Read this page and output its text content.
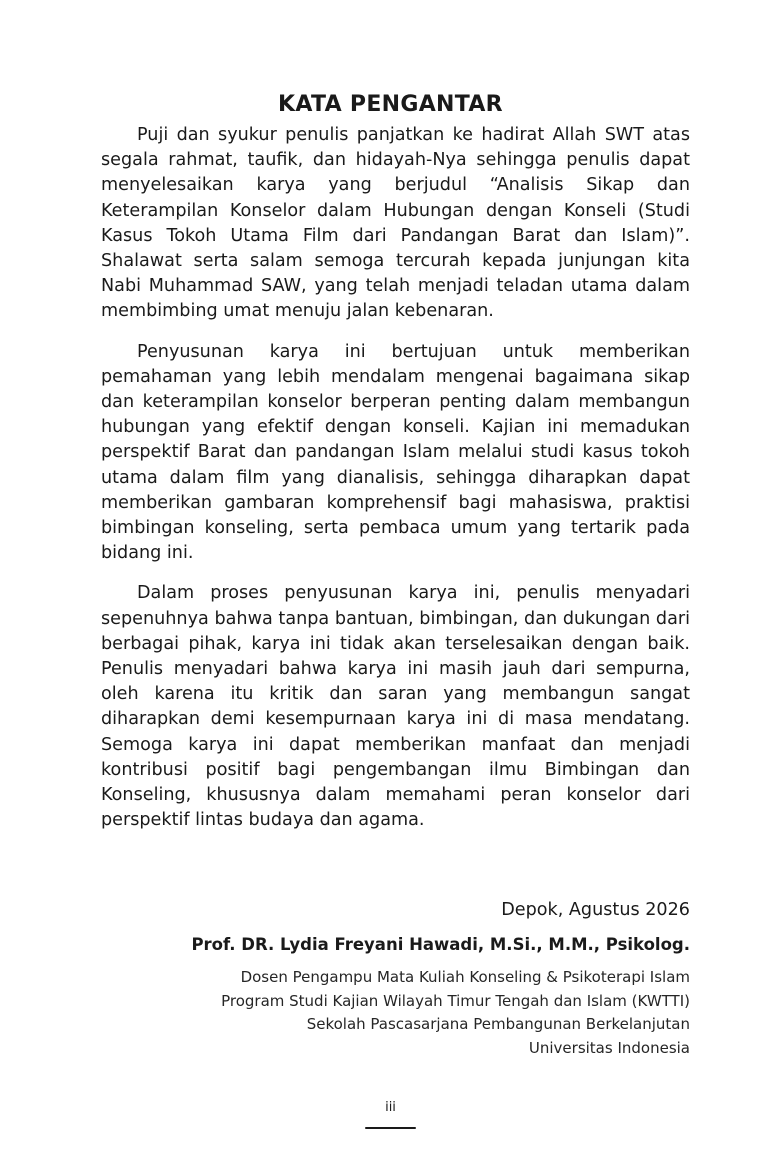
KATA PENGANTAR

Puji dan syukur penulis panjatkan ke hadirat Allah SWT atas segala rahmat, taufik, dan hidayah-Nya sehingga penulis dapat menyelesaikan karya yang berjudul “Analisis Sikap dan Keterampilan Konselor dalam Hubungan dengan Konseli (Studi Kasus Tokoh Utama Film dari Pandangan Barat dan Islam)”. Shalawat serta salam semoga tercurah kepada junjungan kita Nabi Muhammad SAW, yang telah menjadi teladan utama dalam membimbing umat menuju jalan kebenaran.

Penyusunan karya ini bertujuan untuk memberikan pemahaman yang lebih mendalam mengenai bagaimana sikap dan keterampilan konselor berperan penting dalam membangun hubungan yang efektif dengan konseli. Kajian ini memadukan perspektif Barat dan pandangan Islam melalui studi kasus tokoh utama dalam film yang dianalisis, sehingga diharapkan dapat memberikan gambaran komprehensif bagi mahasiswa, praktisi bimbingan konseling, serta pembaca umum yang tertarik pada bidang ini.

Dalam proses penyusunan karya ini, penulis menyadari sepenuhnya bahwa tanpa bantuan, bimbingan, dan dukungan dari berbagai pihak, karya ini tidak akan terselesaikan dengan baik. Penulis menyadari bahwa karya ini masih jauh dari sempurna, oleh karena itu kritik dan saran yang membangun sangat diharapkan demi kesempurnaan karya ini di masa mendatang. Semoga karya ini dapat memberikan manfaat dan menjadi kontribusi positif bagi pengembangan ilmu Bimbingan dan Konseling, khususnya dalam memahami peran konselor dari perspektif lintas budaya dan agama.

Depok, Agustus 2026
Prof. DR. Lydia Freyani Hawadi, M.Si., M.M., Psikolog.
Dosen Pengampu Mata Kuliah Konseling & Psikoterapi Islam
Program Studi Kajian Wilayah Timur Tengah dan Islam (KWTTI)
Sekolah Pascasarjana Pembangunan Berkelanjutan
Universitas Indonesia
iii
